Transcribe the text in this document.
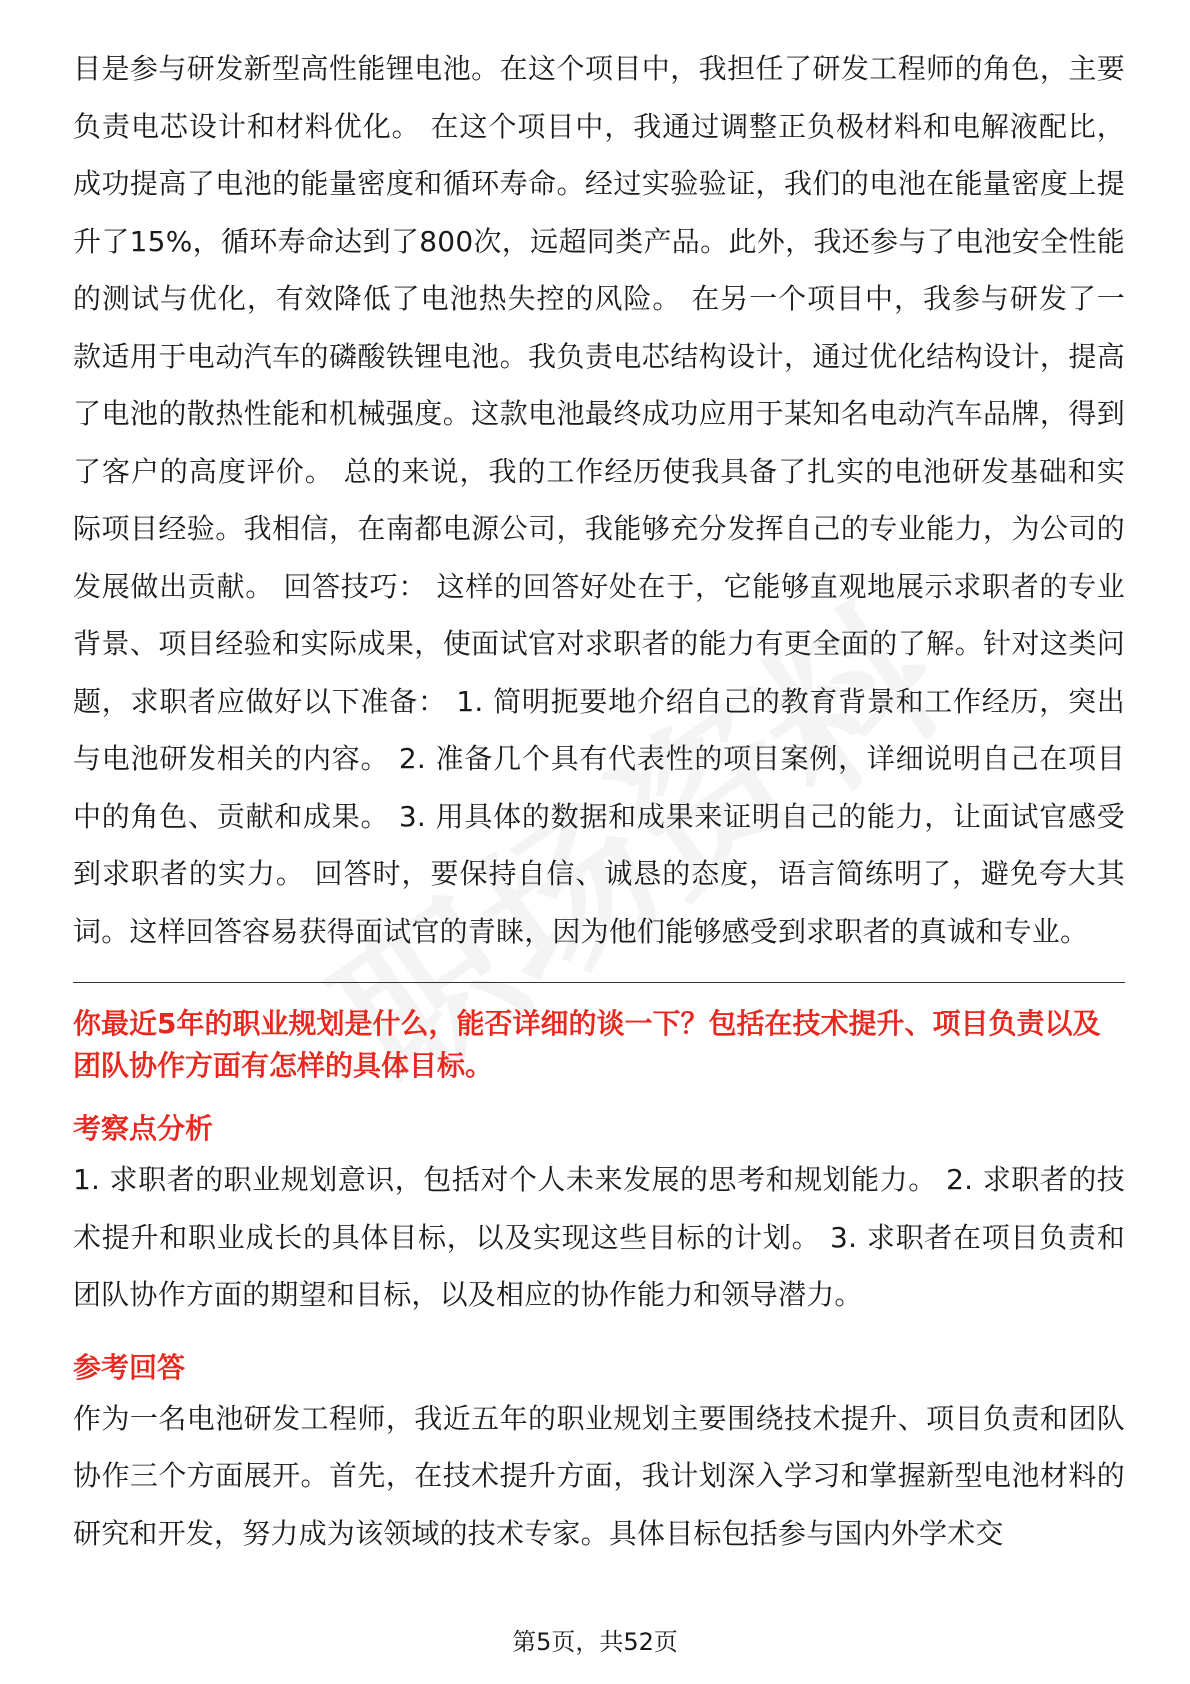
目是参与研发新型高性能锂电池。在这个项目中，我担任了研发工程师的角色，主要负责电芯设计和材料优化。 在这个项目中，我通过调整正负极材料和电解液配比，成功提高了电池的能量密度和循环寿命。经过实验验证，我们的电池在能量密度上提升了15%，循环寿命达到了800次，远超同类产品。此外，我还参与了电池安全性能的测试与优化，有效降低了电池热失控的风险。 在另一个项目中，我参与研发了一款适用于电动汽车的磷酸铁锂电池。我负责电芯结构设计，通过优化结构设计，提高了电池的散热性能和机械强度。这款电池最终成功应用于某知名电动汽车品牌，得到了客户的高度评价。 总的来说，我的工作经历使我具备了扎实的电池研发基础和实际项目经验。我相信，在南都电源公司，我能够充分发挥自己的专业能力，为公司的发展做出贡献。 回答技巧： 这样的回答好处在于，它能够直观地展示求职者的专业背景、项目经验和实际成果，使面试官对求职者的能力有更全面的了解。针对这类问题，求职者应做好以下准备： 1. 简明扼要地介绍自己的教育背景和工作经历，突出与电池研发相关的内容。 2. 准备几个具有代表性的项目案例，详细说明自己在项目中的角色、贡献和成果。 3. 用具体的数据和成果来证明自己的能力，让面试官感受到求职者的实力。 回答时，要保持自信、诚恳的态度，语言简练明了，避免夸大其词。这样回答容易获得面试官的青睐，因为他们能够感受到求职者的真诚和专业。

你最近5年的职业规划是什么，能否详细的谈一下？包括在技术提升、项目负责以及团队协作方面有怎样的具体目标。

考察点分析

1. 求职者的职业规划意识，包括对个人未来发展的思考和规划能力。 2. 求职者的技术提升和职业成长的具体目标，以及实现这些目标的计划。 3. 求职者在项目负责和团队协作方面的期望和目标，以及相应的协作能力和领导潜力。

参考回答

作为一名电池研发工程师，我近五年的职业规划主要围绕技术提升、项目负责和团队协作三个方面展开。首先，在技术提升方面，我计划深入学习和掌握新型电池材料的研究和开发，努力成为该领域的技术专家。具体目标包括参与国内外学术交

第5页，共52页
